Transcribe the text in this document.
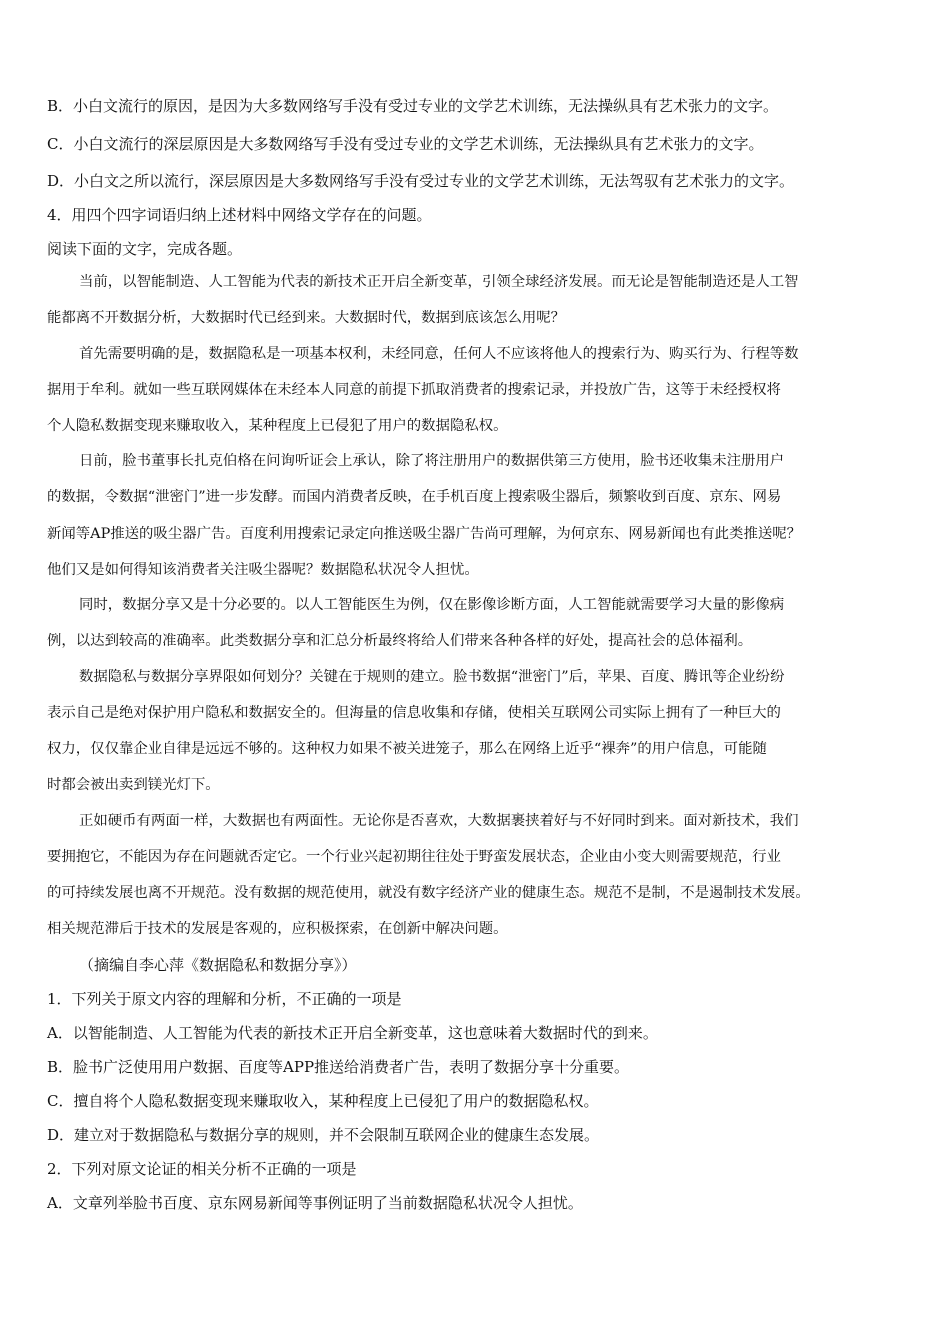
B．小白文流行的原因，是因为大多数网络写手没有受过专业的文学艺术训练，无法操纵具有艺术张力的文字。
C．小白文流行的深层原因是大多数网络写手没有受过专业的文学艺术训练，无法操纵具有艺术张力的文字。
D．小白文之所以流行，深层原因是大多数网络写手没有受过专业的文学艺术训练，无法驾驭有艺术张力的文字。
4．用四个四字词语归纳上述材料中网络文学存在的问题。
阅读下面的文字，完成各题。
当前，以智能制造、人工智能为代表的新技术正开启全新变革，引领全球经济发展。而无论是智能制造还是人工智
能都离不开数据分析，大数据时代已经到来。大数据时代，数据到底该怎么用呢？
首先需要明确的是，数据隐私是一项基本权利，未经同意，任何人不应该将他人的搜索行为、购买行为、行程等数
据用于牟利。就如一些互联网媒体在未经本人同意的前提下抓取消费者的搜索记录，并投放广告，这等于未经授权将
个人隐私数据变现来赚取收入，某种程度上已侵犯了用户的数据隐私权。
日前，脸书董事长扎克伯格在问询听证会上承认，除了将注册用户的数据供第三方使用，脸书还收集未注册用户
的数据，令数据“泄密门”进一步发酵。而国内消费者反映，在手机百度上搜索吸尘器后，频繁收到百度、京东、网易
新闻等AP推送的吸尘器广告。百度利用搜索记录定向推送吸尘器广告尚可理解，为何京东、网易新闻也有此类推送呢？
他们又是如何得知该消费者关注吸尘器呢？数据隐私状况令人担忧。
同时，数据分享又是十分必要的。以人工智能医生为例，仅在影像诊断方面，人工智能就需要学习大量的影像病
例，以达到较高的准确率。此类数据分享和汇总分析最终将给人们带来各种各样的好处，提高社会的总体福利。
数据隐私与数据分享界限如何划分？关键在于规则的建立。脸书数据“泄密门”后，苹果、百度、腾讯等企业纷纷
表示自己是绝对保护用户隐私和数据安全的。但海量的信息收集和存储，使相关互联网公司实际上拥有了一种巨大的
权力，仅仅靠企业自律是远远不够的。这种权力如果不被关进笼子，那么在网络上近乎“裸奔”的用户信息，可能随
时都会被出卖到镁光灯下。
正如硬币有两面一样，大数据也有两面性。无论你是否喜欢，大数据裹挟着好与不好同时到来。面对新技术，我们
要拥抱它，不能因为存在问题就否定它。一个行业兴起初期往往处于野蛮发展状态，企业由小变大则需要规范，行业
的可持续发展也离不开规范。没有数据的规范使用，就没有数字经济产业的健康生态。规范不是制，不是遏制技术发展。
相关规范滞后于技术的发展是客观的，应积极探索，在创新中解决问题。
（摘编自李心萍《数据隐私和数据分享》）
1．下列关于原文内容的理解和分析，不正确的一项是
A．以智能制造、人工智能为代表的新技术正开启全新变革，这也意味着大数据时代的到来。
B．脸书广泛使用用户数据、百度等APP推送给消费者广告，表明了数据分享十分重要。
C．擅自将个人隐私数据变现来赚取收入，某种程度上已侵犯了用户的数据隐私权。
D．建立对于数据隐私与数据分享的规则，并不会限制互联网企业的健康生态发展。
2．下列对原文论证的相关分析不正确的一项是
A．文章列举脸书百度、京东网易新闻等事例证明了当前数据隐私状况令人担忧。
